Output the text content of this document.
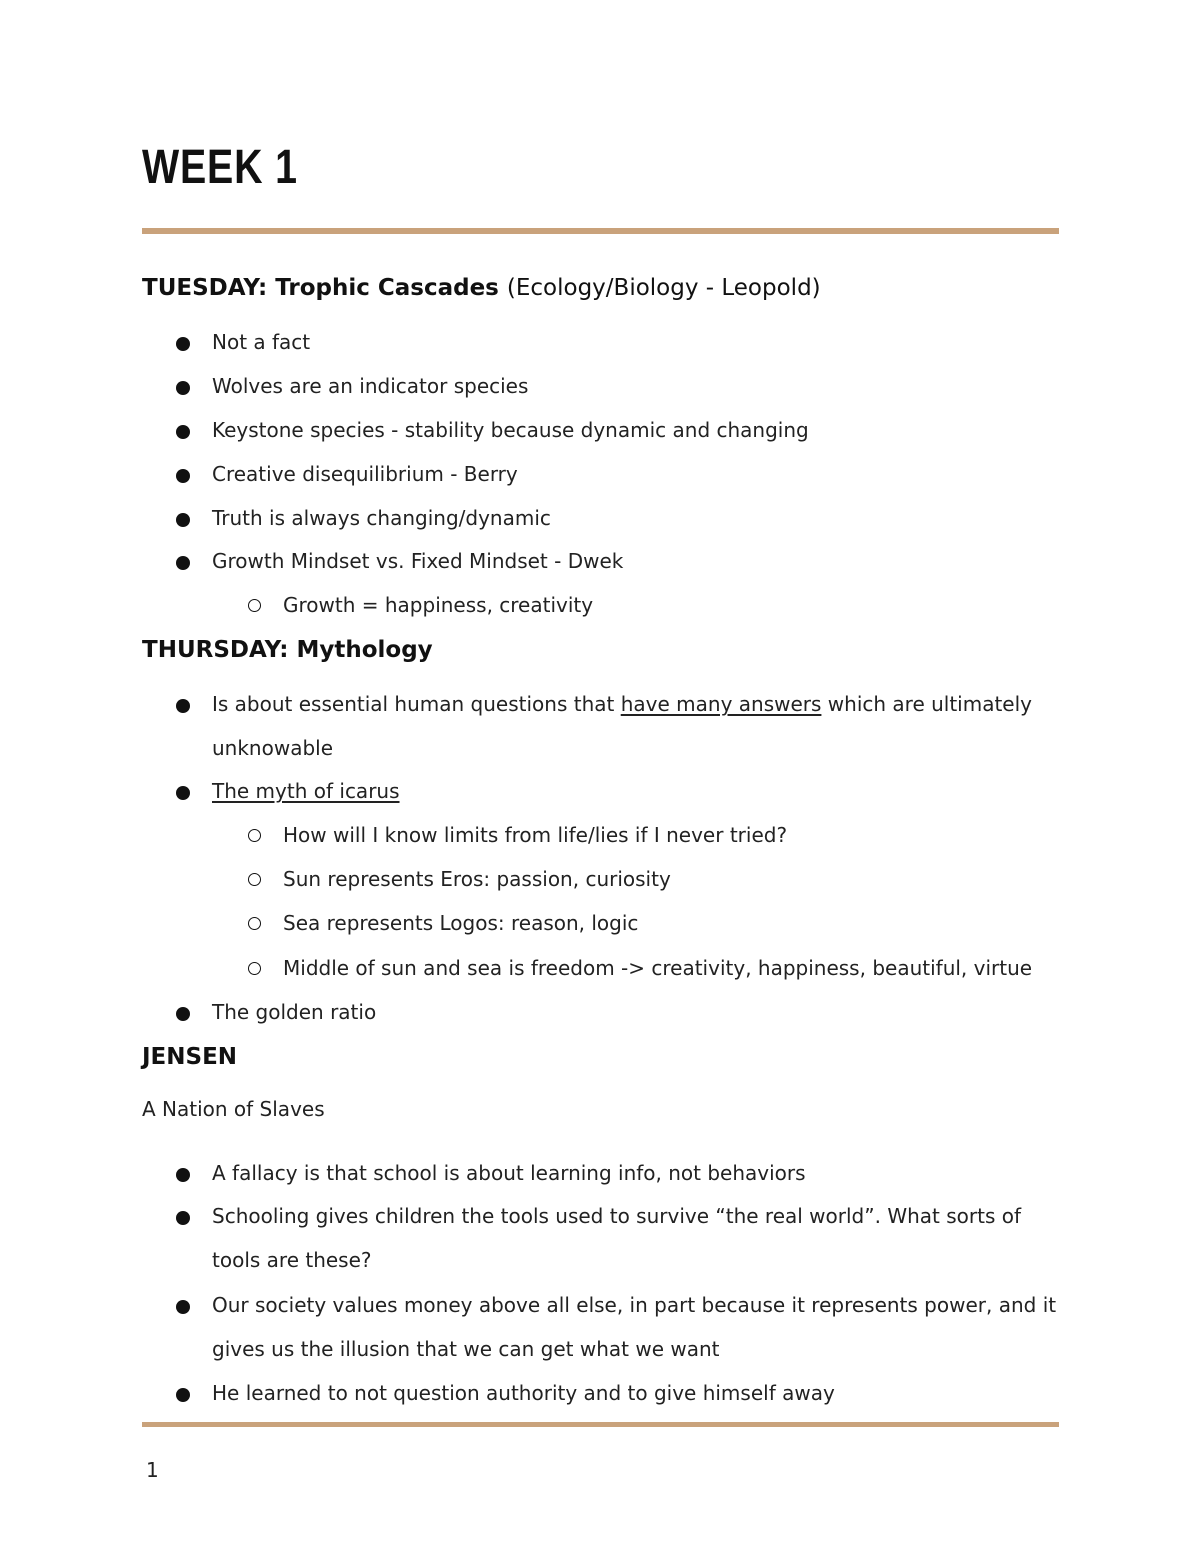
WEEK 1
TUESDAY: Trophic Cascades (Ecology/Biology - Leopold)
Not a fact
Wolves are an indicator species
Keystone species - stability because dynamic and changing
Creative disequilibrium - Berry
Truth is always changing/dynamic
Growth Mindset vs. Fixed Mindset - Dwek
Growth = happiness, creativity
THURSDAY: Mythology
Is about essential human questions that have many answers which are ultimately
unknowable
The myth of icarus
How will I know limits from life/lies if I never tried?
Sun represents Eros: passion, curiosity
Sea represents Logos: reason, logic
Middle of sun and sea is freedom -> creativity, happiness, beautiful, virtue
The golden ratio
JENSEN
A Nation of Slaves
A fallacy is that school is about learning info, not behaviors
Schooling gives children the tools used to survive “the real world”. What sorts of
tools are these?
Our society values money above all else, in part because it represents power, and it
gives us the illusion that we can get what we want
He learned to not question authority and to give himself away
1
